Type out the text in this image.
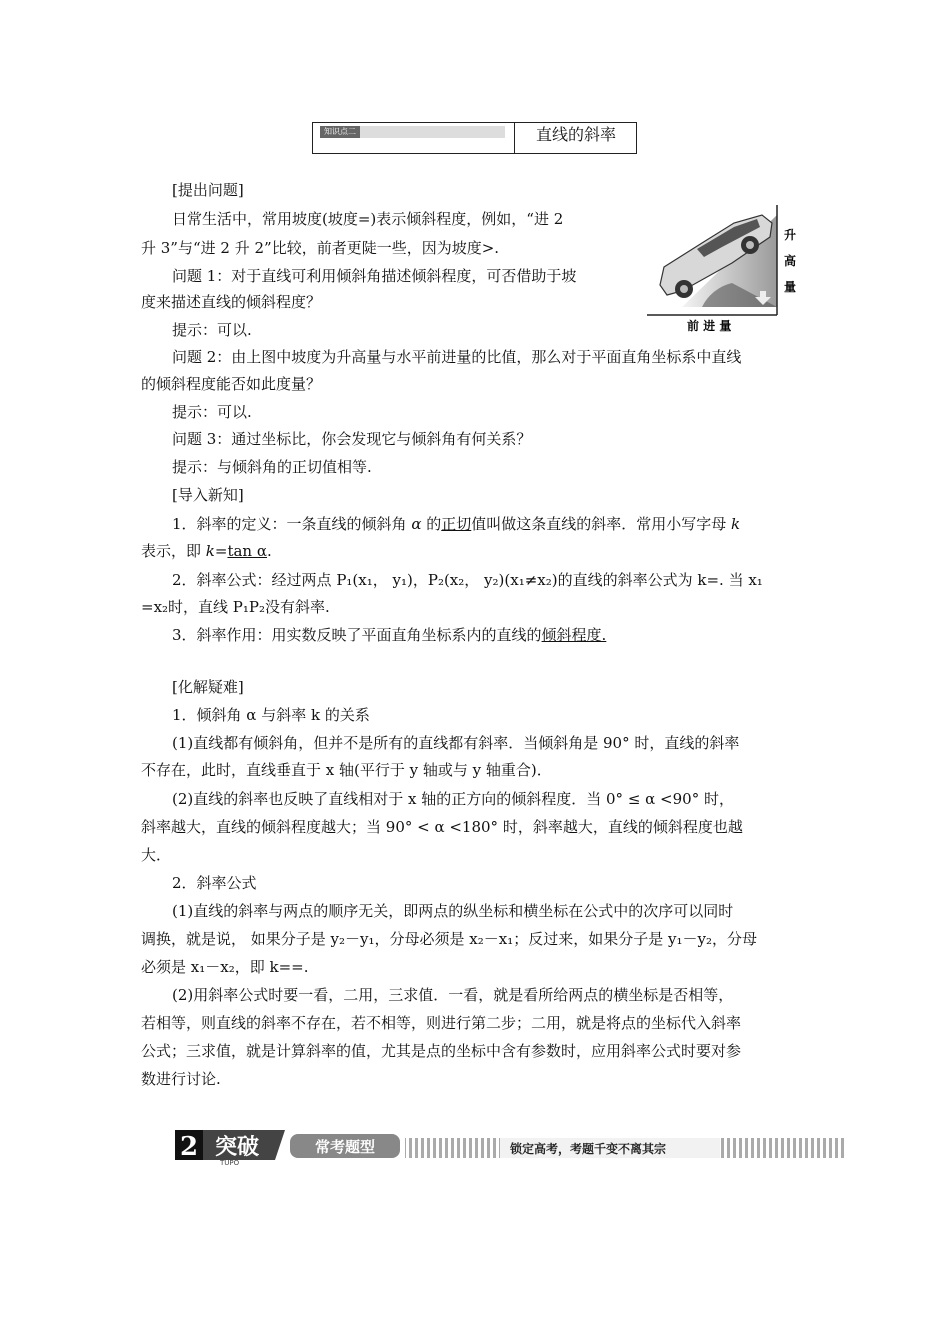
知识点二	直线的斜率
升
高
量
前 进 量
[提出问题]
日常生活中，常用坡度(坡度=)表示倾斜程度，例如，“进 2
升 3”与“进 2 升 2”比较，前者更陡一些，因为坡度>.
问题 1：对于直线可利用倾斜角描述倾斜程度，可否借助于坡
度来描述直线的倾斜程度？
提示：可以.
问题 2：由上图中坡度为升高量与水平前进量的比值，那么对于平面直角坐标系中直线
的倾斜程度能否如此度量？
提示：可以.
问题 3：通过坐标比，你会发现它与倾斜角有何关系？
提示：与倾斜角的正切值相等.
[导入新知]
1．斜率的定义：一条直线的倾斜角 α 的正切值叫做这条直线的斜率．常用小写字母 k
表示，即 k=tan α.
2．斜率公式：经过两点 P₁(x₁， y₁)，P₂(x₂， y₂)(x₁≠x₂)的直线的斜率公式为 k=. 当 x₁
=x₂时，直线 P₁P₂没有斜率.
3．斜率作用：用实数反映了平面直角坐标系内的直线的倾斜程度.
[化解疑难]
1．倾斜角 α 与斜率 k 的关系
(1)直线都有倾斜角，但并不是所有的直线都有斜率．当倾斜角是 90° 时，直线的斜率
不存在，此时，直线垂直于 x 轴(平行于 y 轴或与 y 轴重合)．
(2)直线的斜率也反映了直线相对于 x 轴的正方向的倾斜程度．当 0° ≤ α <90° 时，
斜率越大，直线的倾斜程度越大；当 90° < α <180° 时，斜率越大，直线的倾斜程度也越
大．
2．斜率公式
(1)直线的斜率与两点的顺序无关，即两点的纵坐标和横坐标在公式中的次序可以同时
调换，就是说， 如果分子是 y₂－y₁，分母必须是 x₂－x₁；反过来，如果分子是 y₁－y₂，分母
必须是 x₁－x₂，即 k==.
(2)用斜率公式时要一看，二用，三求值．一看，就是看所给两点的横坐标是否相等，
若相等，则直线的斜率不存在，若不相等，则进行第二步；二用，就是将点的坐标代入斜率
公式；三求值，就是计算斜率的值，尤其是点的坐标中含有参数时，应用斜率公式时要对参
数进行讨论.
2 突破
TUPO
常考题型	锁定高考，考题千变不离其宗
